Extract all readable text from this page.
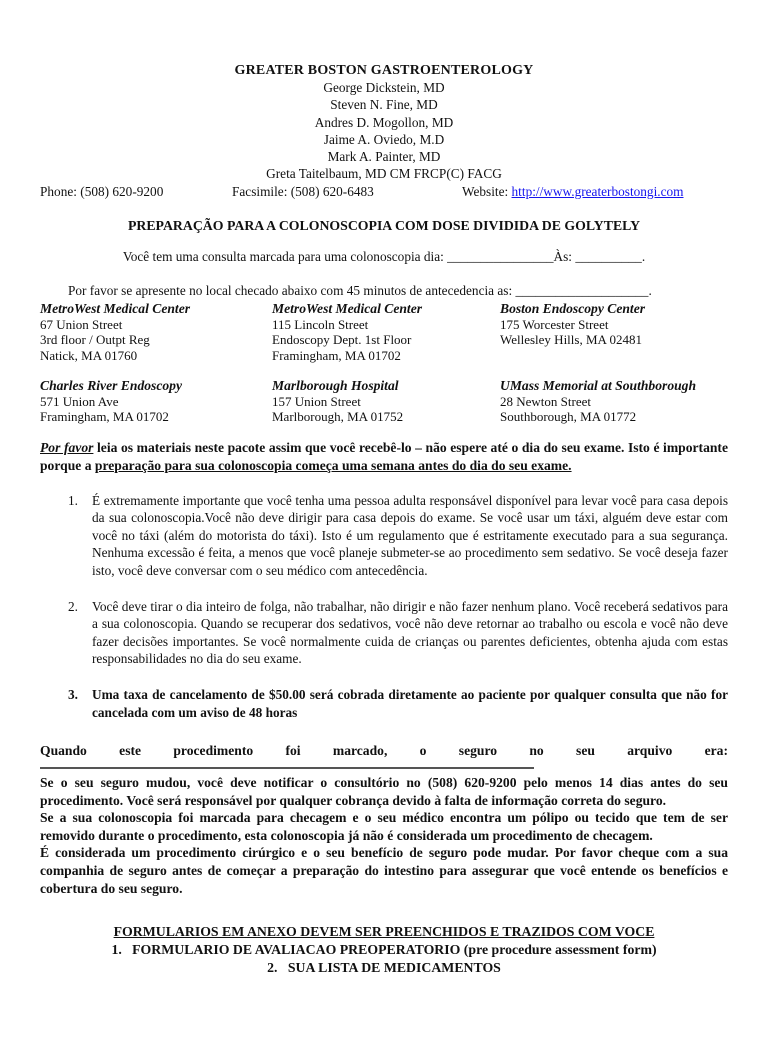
GREATER BOSTON GASTROENTEROLOGY
George Dickstein, MD
Steven N. Fine, MD
Andres D. Mogollon, MD
Jaime A. Oviedo, M.D
Mark A. Painter, MD
Greta Taitelbaum, MD CM FRCP(C) FACG
Phone: (508) 620-9200	Facsimile: (508) 620-6483	Website: http://www.greaterbostongi.com
PREPARAÇÃO PARA A COLONOSCOPIA COM DOSE DIVIDIDA DE GOLYTELY
Você tem uma consulta marcada para uma colonoscopia dia: ________________Às: __________.
Por favor se apresente no local checado abaixo com 45 minutos de antecedencia as: ____________________.
MetroWest Medical Center
67 Union Street
3rd floor / Outpt Reg
Natick, MA 01760
MetroWest Medical Center
115 Lincoln Street
Endoscopy Dept. 1st Floor
Framingham, MA 01702
Boston Endoscopy Center
175 Worcester Street
Wellesley Hills, MA 02481
Charles River Endoscopy
571 Union Ave
Framingham, MA 01702
Marlborough Hospital
157 Union Street
Marlborough, MA 01752
UMass Memorial at Southborough
28 Newton Street
Southborough, MA 01772
Por favor leia os materiais neste pacote assim que você recebê-lo – não espere até o dia do seu exame. Isto é importante porque a preparação para sua colonoscopia começa uma semana antes do dia do seu exame.
1.	É extremamente importante que você tenha uma pessoa adulta responsável disponível para levar você para casa depois da sua colonoscopia.Você não deve dirigir para casa depois do exame. Se você usar um táxi, alguém deve estar com você no táxi (além do motorista do táxi). Isto é um regulamento que é estritamente executado para a sua segurança. Nenhuma excessão é feita, a menos que você planeje submeter-se ao procedimento sem sedativo. Se você deseja fazer isto, você deve conversar com o seu médico com antecedência.
2.	Você deve tirar o dia inteiro de folga, não trabalhar, não dirigir e não fazer nenhum plano. Você receberá sedativos para a sua colonoscopia. Quando se recuperar dos sedativos, você não deve retornar ao trabalho ou escola e você não deve fazer decisões importantes. Se você normalmente cuida de crianças ou parentes deficientes, obtenha ajuda com estas responsabilidades no dia do seu exame.
3.	Uma taxa de cancelamento de $50.00 será cobrada diretamente ao paciente por qualquer consulta que não for cancelada com um aviso de 48 horas
Quando este procedimento foi marcado, o seguro no seu arquivo era:

Se o seu seguro mudou, você deve notificar o consultório no (508) 620-9200 pelo menos 14 dias antes do seu procedimento. Você será responsável por qualquer cobrança devido à falta de informação correta do seguro.

Se a sua colonoscopia foi marcada para checagem e o seu médico encontra um pólipo ou tecido que tem de ser removido durante o procedimento, esta colonoscopia já não é considerada um procedimento de checagem.

É considerada um procedimento cirúrgico e o seu benefício de seguro pode mudar. Por favor cheque com a sua companhia de seguro antes de começar a preparação do intestino para assegurar que você entende os benefícios e cobertura do seu seguro.

FORMULARIOS EM ANEXO DEVEM SER PREENCHIDOS E TRAZIDOS COM VOCE
1.   FORMULARIO DE AVALIACAO PREOPERATORIO (pre procedure assessment form)
2.   SUA LISTA DE MEDICAMENTOS
